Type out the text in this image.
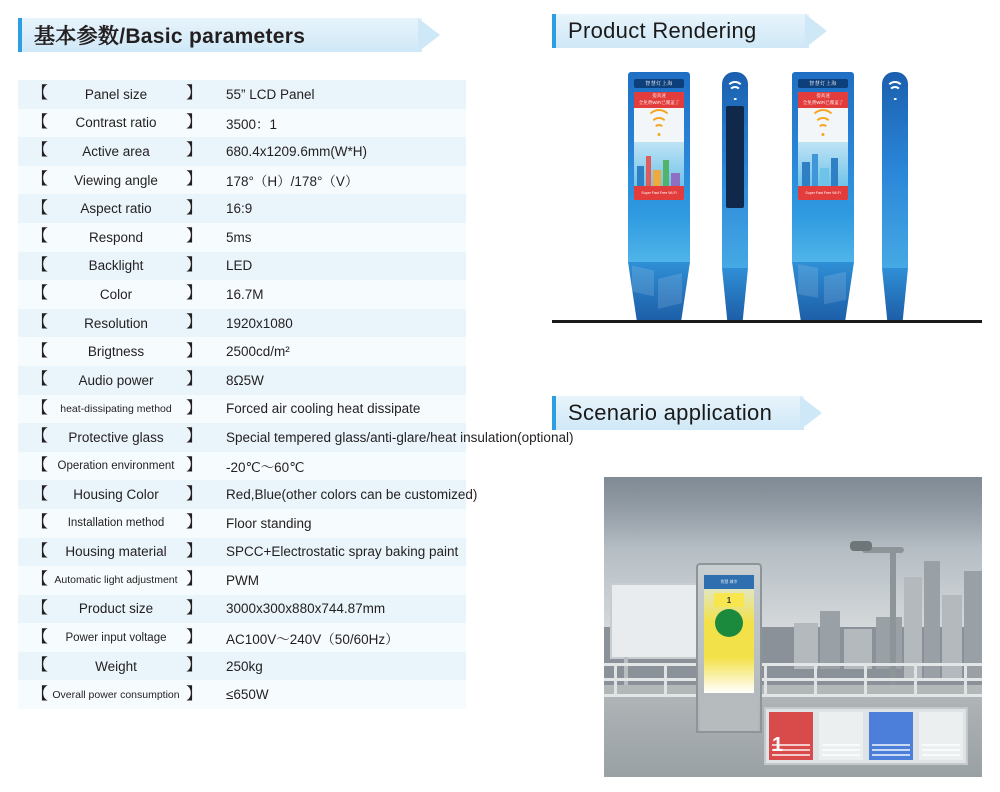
基本参数/Basic parameters
【	Panel size 】	55” LCD Panel
【 Contrast ratio 】	3500：1
【	Active area 】	680.4x1209.6mm(W*H)
【 Viewing angle 】	178°（H）/178°（V）
【 Aspect ratio 】	16:9
【	Respond	】	5ms
【	Backlight	】	LED
【	Color	】	16.7M
【	Resolution 】	1920x1080
【	Brigtness	】	2500cd/m²
【 Audio power 】	8Ω5W
【 heat-dissipating method 】	Forced air cooling heat dissipate
【 Protective glass 】	Special tempered glass/anti-glare/heat insulation(optional)
【 Operation environment 】	-20℃～60℃
【 Housing Color 】	Red,Blue(other colors can be customized)
【 Installation method 】	Floor standing
【 Housing material 】	SPCC+Electrostatic spray baking paint
【 Automatic light adjustment 】	PWM
【 Product size 】	3000x300x880x744.87mm
【 Power input voltage 】	AC100V～240V（50/60Hz）
【	Weight	】	250kg
【 Overall power consumption 】	≤650W
Product Rendering
智慧灯上海
提高速
全免费WiFi已覆盖了
Super Fast Free Wi-Fi
智慧灯上海
提高速
全免费WiFi已覆盖了
Super Fast Free Wi-Fi
Scenario application
智慧 城市
1
1
